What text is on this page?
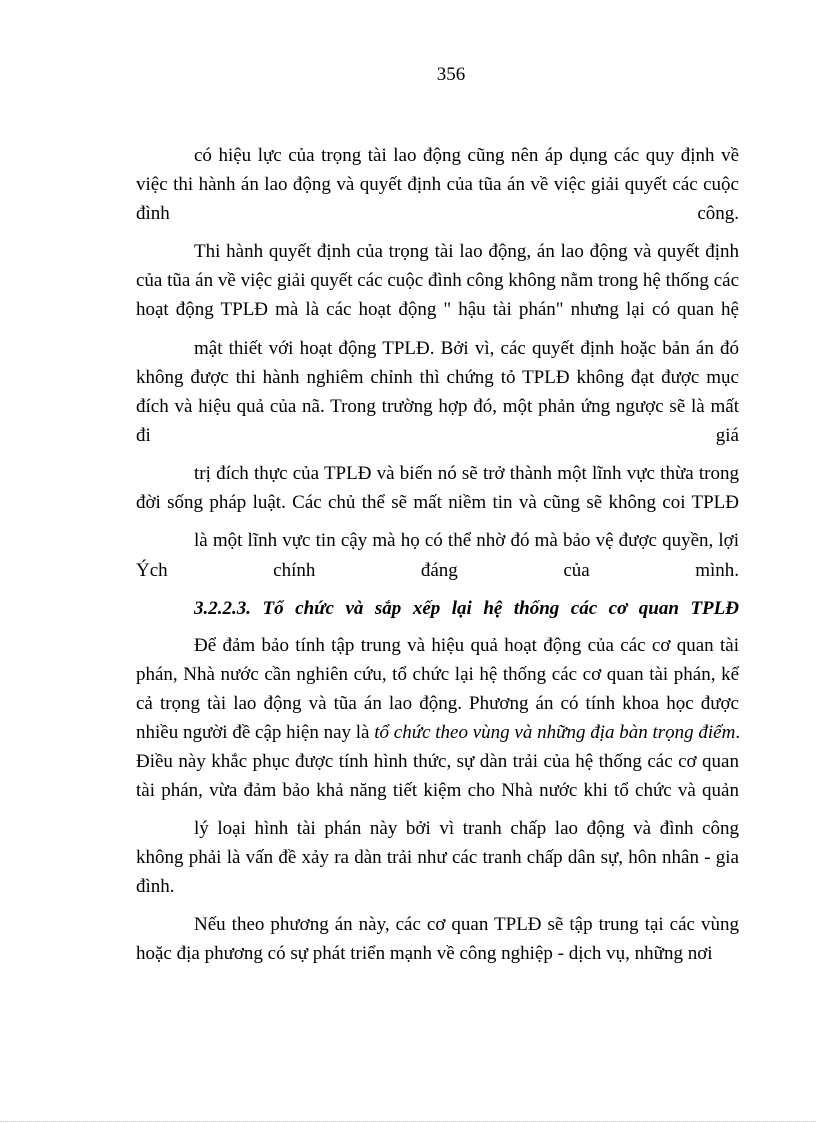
356
có hiệu lực của trọng tài lao động cũng nên áp dụng các quy định về
việc thi hành án lao động và quyết định của tũa án về việc giải quyết các cuộc
đình	công.
Thi hành quyết định của trọng tài lao động, án lao động và quyết định
của tũa án về việc giải quyết các cuộc đình công không nằm trong hệ thống các
hoạt động TPLĐ mà là các hoạt động " hậu tài phán" nhưng lại có quan hệ
mật thiết với hoạt động TPLĐ. Bởi vì, các quyết định hoặc bản án đó
không được thi hành nghiêm chỉnh thì chứng tỏ TPLĐ không đạt được mục
đích và hiệu quả của nã. Trong trường hợp đó, một phản ứng ngược sẽ là mất
đi	giá
trị đích thực của TPLĐ và biến nó sẽ trở thành một lĩnh vực thừa trong
đời sống pháp luật. Các chủ thể sẽ mất niềm tin và cũng sẽ không coi TPLĐ
là một lĩnh vực tin cậy mà họ có thể nhờ đó mà bảo vệ được quyền, lợi
Ých	chính	đáng	của	mình.
3.2.2.3. Tổ chức và sắp xếp lại hệ thống các cơ quan TPLĐ
Để đảm bảo tính tập trung và hiệu quả hoạt động của các cơ quan tài
phán, Nhà nước cần nghiên cứu, tổ chức lại hệ thống các cơ quan tài phán, kể
cả trọng tài lao động và tũa án lao động. Phương án có tính khoa học được
nhiều người đề cập hiện nay là tổ chức theo vùng và những địa bàn trọng điểm.
Điều này khắc phục được tính hình thức, sự dàn trải của hệ thống các cơ quan
tài phán, vừa đảm bảo khả năng tiết kiệm cho Nhà nước khi tổ chức và quản
lý loại hình tài phán này bởi vì tranh chấp lao động và đình công
không phải là vấn đề xảy ra dàn trải như các tranh chấp dân sự, hôn nhân - gia
đình.
Nếu theo phương án này, các cơ quan TPLĐ sẽ tập trung tại các vùng
hoặc địa phương có sự phát triển mạnh về công nghiệp - dịch vụ, những nơi
